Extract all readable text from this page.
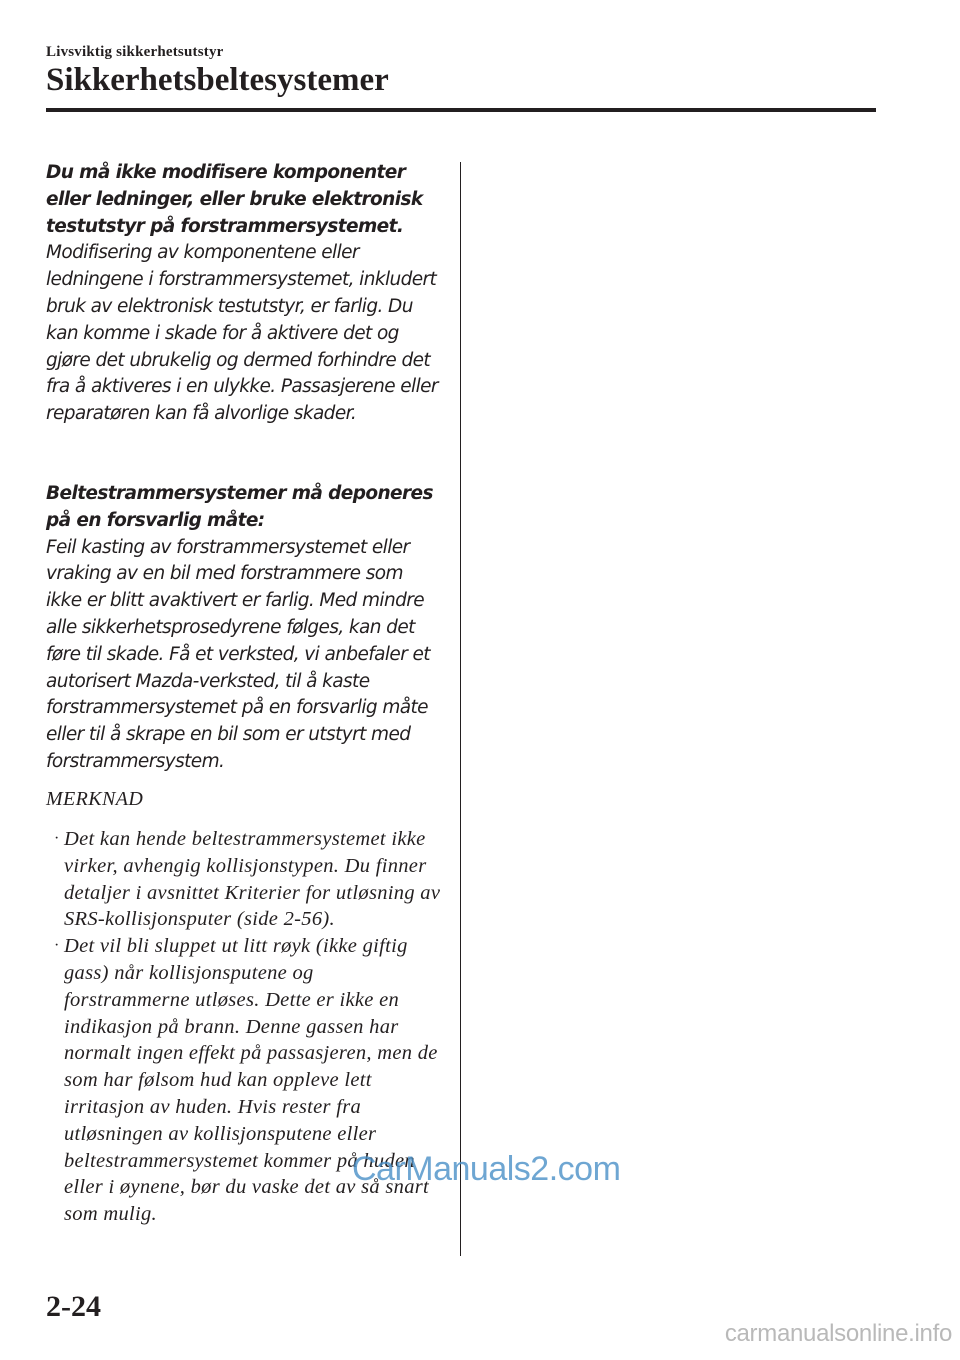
Livsviktig sikkerhetsutstyr
Sikkerhetsbeltesystemer
Du må ikke modifisere komponenter eller ledninger, eller bruke elektronisk testutstyr på forstrammersystemet.
Modifisering av komponentene eller ledningene i forstrammersystemet, inkludert bruk av elektronisk testutstyr, er farlig. Du kan komme i skade for å aktivere det og gjøre det ubrukelig og dermed forhindre det fra å aktiveres i en ulykke. Passasjerene eller reparatøren kan få alvorlige skader.
Beltestrammersystemer må deponeres på en forsvarlig måte:
Feil kasting av forstrammersystemet eller vraking av en bil med forstrammere som ikke er blitt avaktivert er farlig. Med mindre alle sikkerhetsprosedyrene følges, kan det føre til skade. Få et verksted, vi anbefaler et autorisert Mazda-verksted, til å kaste forstrammersystemet på en forsvarlig måte eller til å skrape en bil som er utstyrt med forstrammersystem.
MERKNAD
· Det kan hende beltestrammersystemet ikke virker, avhengig kollisjonstypen. Du finner detaljer i avsnittet Kriterier for utløsning av SRS-kollisjonsputer (side 2-56).
· Det vil bli sluppet ut litt røyk (ikke giftig gass) når kollisjonsputene og forstrammerne utløses. Dette er ikke en indikasjon på brann. Denne gassen har normalt ingen effekt på passasjeren, men de som har følsom hud kan oppleve lett irritasjon av huden. Hvis rester fra utløsningen av kollisjonsputene eller beltestrammersystemet kommer på huden eller i øynene, bør du vaske det av så snart som mulig.
2-24
CarManuals2.com
carmanualsonline.info
